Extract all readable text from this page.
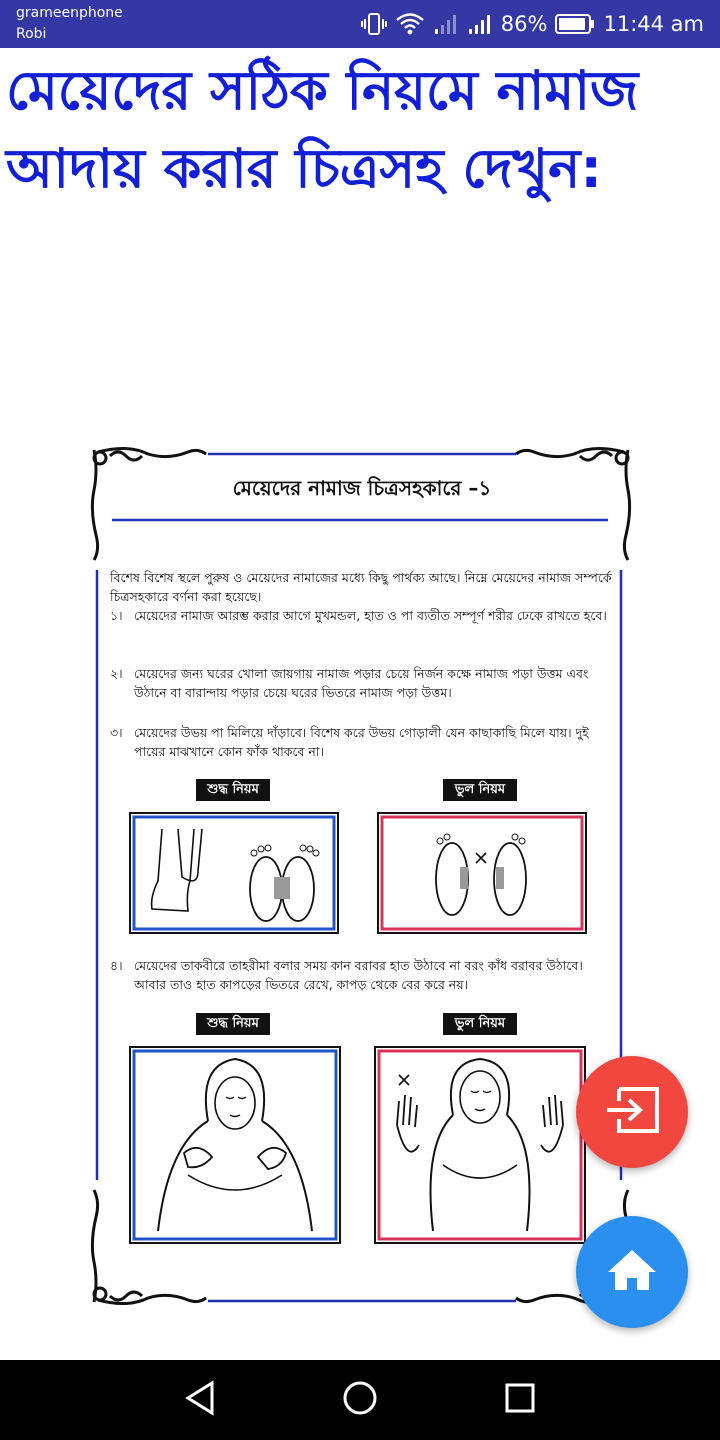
grameenphone
Robi	86%	11:44 am
মেয়েদের সঠিক নিয়মে নামাজ আদায় করার চিত্রসহ দেখুন:
মেয়েদের নামাজ চিত্রসহকারে –১
বিশেষ বিশেষ স্থলে পুরুষ ও মেয়েদের নামাজের মধ্যে কিছু পার্থক্য আছে। নিম্নে মেয়েদের নামাজ সম্পর্কে চিত্রসহকারে বর্ণনা করা হয়েছে।
১। মেয়েদের নামাজ আরম্ভ করার আগে মুখমন্ডল, হাত ও পা ব্যতীত সম্পূর্ণ শরীর ঢেকে রাখতে হবে।
২। মেয়েদের জন্য ঘরের খোলা জায়গায় নামাজ পড়ার চেয়ে নির্জন কক্ষে নামাজ পড়া উত্তম এবং উঠানে বা বারান্দায় পড়ার চেয়ে ঘরের ভিতরে নামাজ পড়া উত্তম।
৩। মেয়েদের উভয় পা মিলিয়ে দাঁড়াবে। বিশেষ করে উভয় গোড়ালী যেন কাছাকাছি মিলে যায়। দুই পায়ের মাঝখানে কোন ফাঁক থাকবে না।
শুদ্ধ নিয়ম	ভুল নিয়ম
৪। মেয়েদের তাকবীরে তাহরীমা বলার সময় কান বরাবর হাত উঠাবে না বরং কাঁধ বরাবর উঠাবে। আবার তাও হাত কাপড়ের ভিতরে রেখে, কাপড় থেকে বের করে নয়।
শুদ্ধ নিয়ম	ভুল নিয়ম
